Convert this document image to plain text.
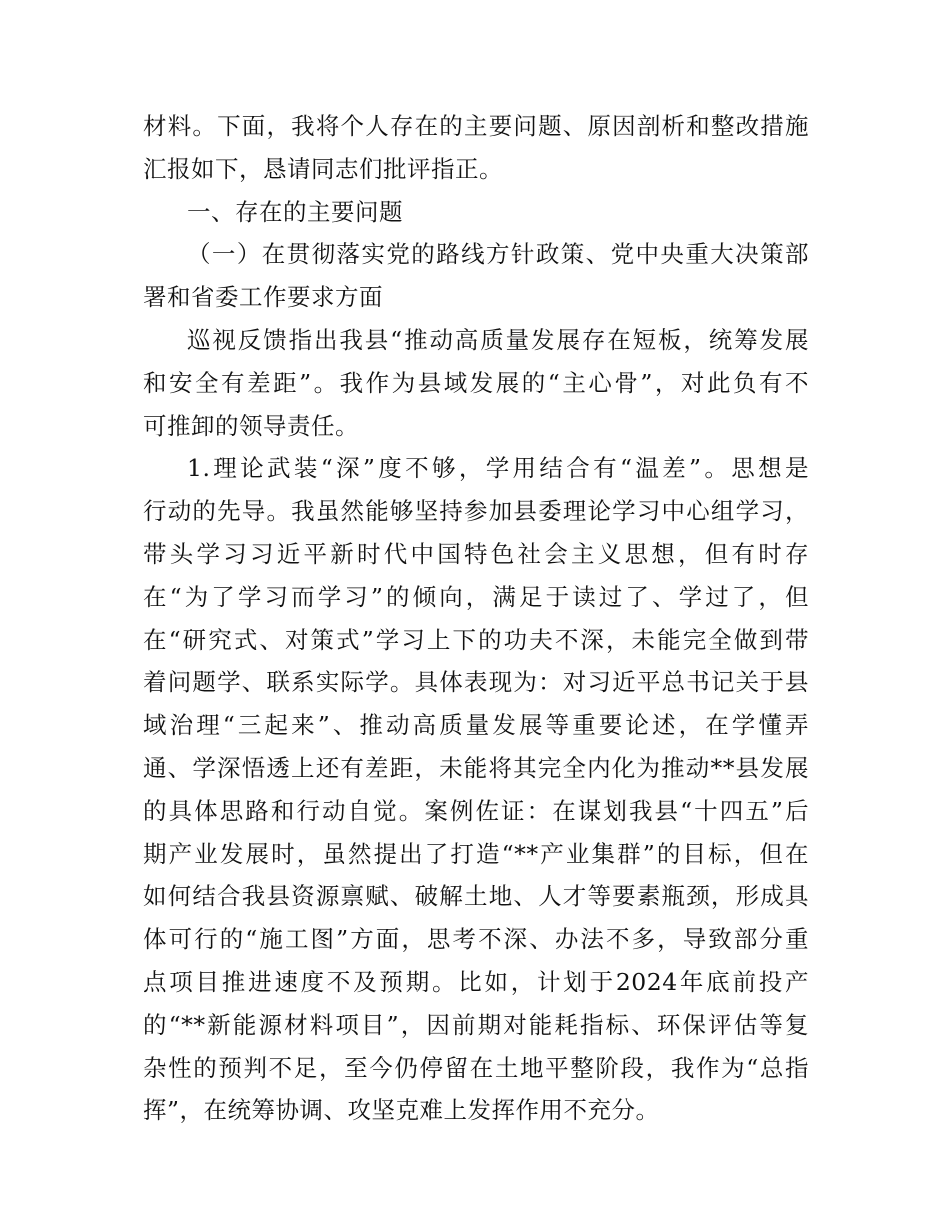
材料。下面，我将个人存在的主要问题、原因剖析和整改措施
汇报如下，恳请同志们批评指正。
一、存在的主要问题
（一）在贯彻落实党的路线方针政策、党中央重大决策部
署和省委工作要求方面
巡视反馈指出我县“推动高质量发展存在短板，统筹发展
和安全有差距”。我作为县域发展的“主心骨”，对此负有不
可推卸的领导责任。
1.理论武装“深”度不够，学用结合有“温差”。思想是
行动的先导。我虽然能够坚持参加县委理论学习中心组学习，
带头学习习近平新时代中国特色社会主义思想，但有时存
在“为了学习而学习”的倾向，满足于读过了、学过了，但
在“研究式、对策式”学习上下的功夫不深，未能完全做到带
着问题学、联系实际学。具体表现为：对习近平总书记关于县
域治理“三起来”、推动高质量发展等重要论述，在学懂弄
通、学深悟透上还有差距，未能将其完全内化为推动**县发展
的具体思路和行动自觉。案例佐证：在谋划我县“十四五”后
期产业发展时，虽然提出了打造“**产业集群”的目标，但在
如何结合我县资源禀赋、破解土地、人才等要素瓶颈，形成具
体可行的“施工图”方面，思考不深、办法不多，导致部分重
点项目推进速度不及预期。比如，计划于2024年底前投产
的“**新能源材料项目”，因前期对能耗指标、环保评估等复
杂性的预判不足，至今仍停留在土地平整阶段，我作为“总指
挥”，在统筹协调、攻坚克难上发挥作用不充分。
